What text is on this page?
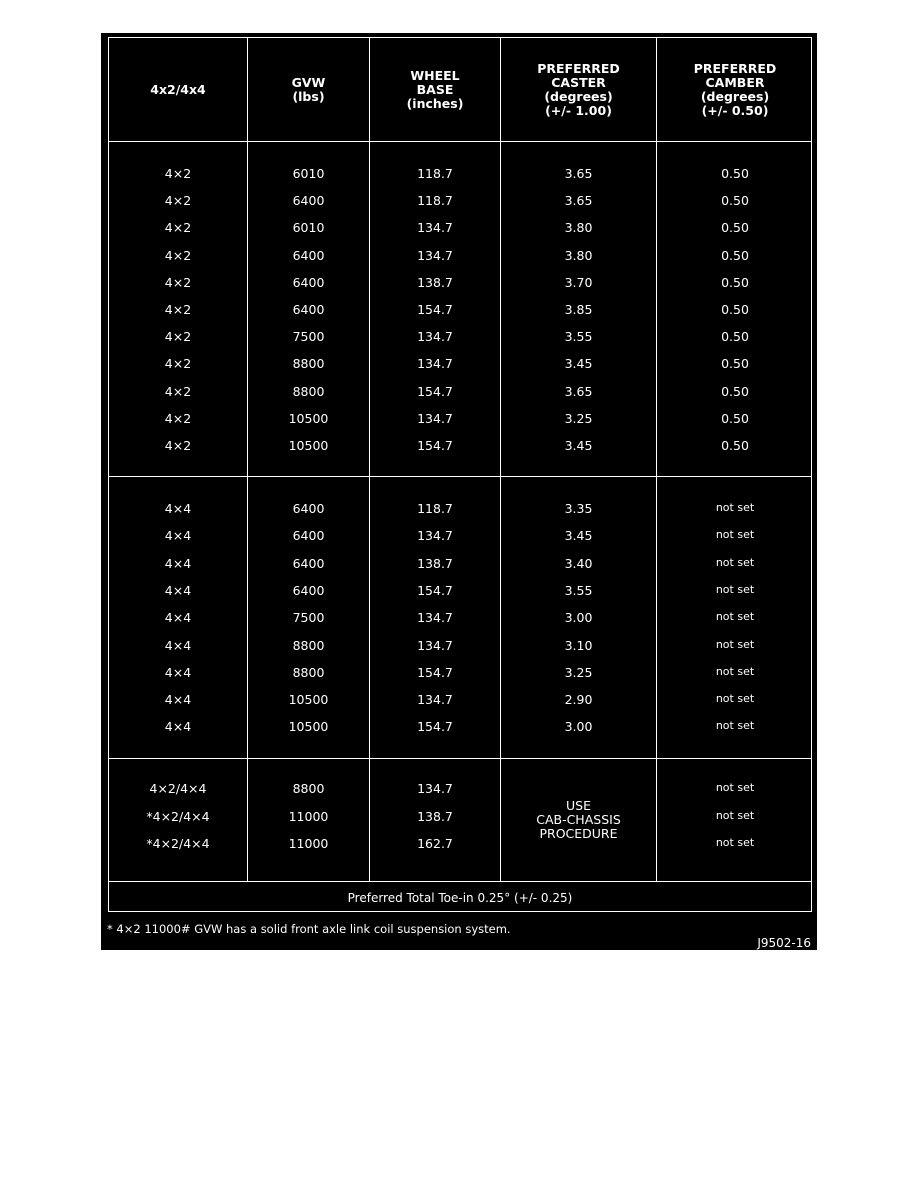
4x2/4x4	GVW
(lbs)
WHEEL
BASE
(inches)
PREFERRED
CASTER
(degrees)
(+/- 1.00)
PREFERRED
CAMBER
(degrees)
(+/- 0.50)
4×2
4×2
4×2
4×2
4×2
4×2
4×2
4×2
4×2
4×2
4×2
6010
6400
6010
6400
6400
6400
7500
8800
8800
10500
10500
118.7
118.7
134.7
134.7
138.7
154.7
134.7
134.7
154.7
134.7
154.7
3.65
3.65
3.80
3.80
3.70
3.85
3.55
3.45
3.65
3.25
3.45
0.50
0.50
0.50
0.50
0.50
0.50
0.50
0.50
0.50
0.50
0.50
4×4
4×4
4×4
4×4
4×4
4×4
4×4
4×4
4×4
6400
6400
6400
6400
7500
8800
8800
10500
10500
118.7
134.7
138.7
154.7
134.7
134.7
154.7
134.7
154.7
3.35
3.45
3.40
3.55
3.00
3.10
3.25
2.90
3.00
not set
not set
not set
not set
not set
not set
not set
not set
not set
4×2/4×4
*4×2/4×4
*4×2/4×4
8800
11000
11000
134.7
138.7
162.7
USE
CAB-CHASSIS
PROCEDURE
not set
not set
not set
Preferred Total Toe-in 0.25° (+/- 0.25)
* 4×2 11000# GVW has a solid front axle link coil suspension system.
J9502-16
